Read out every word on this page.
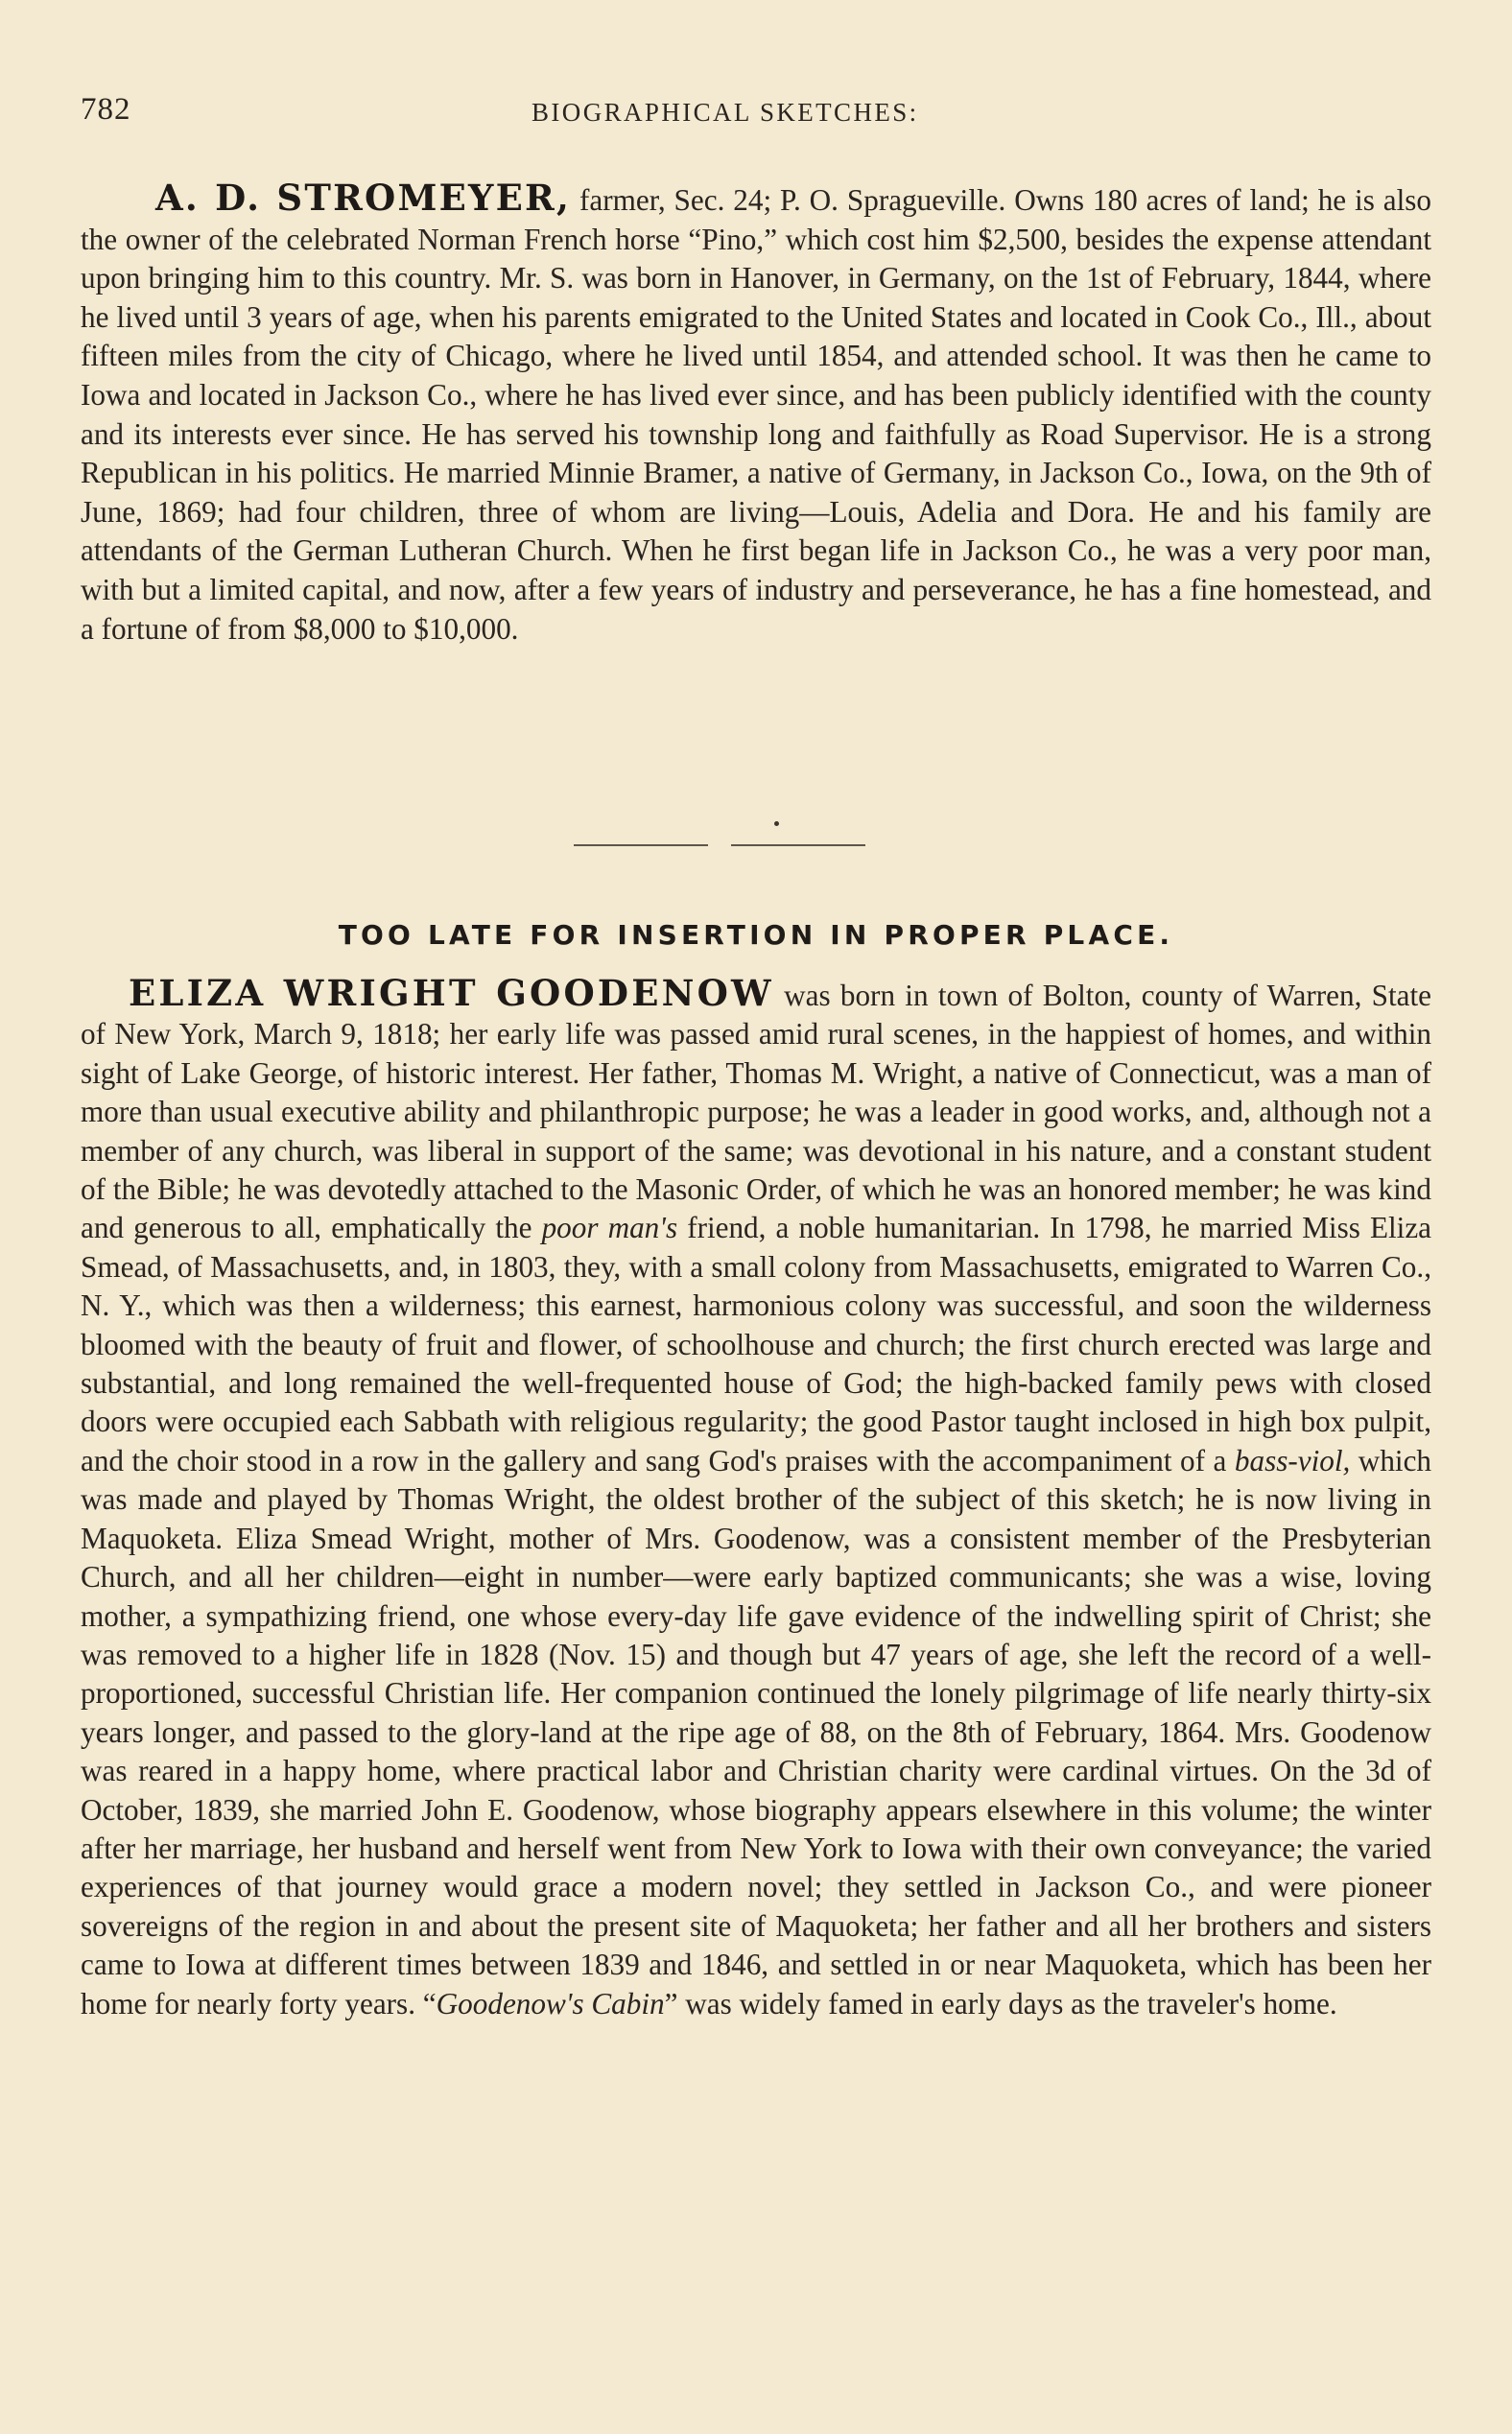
782	BIOGRAPHICAL SKETCHES:
A. D. STROMEYER, farmer, Sec. 24; P. O. Spragueville. Owns 180 acres of land; he is also the owner of the celebrated Norman French horse “Pino,” which cost him $2,500, besides the expense attendant upon bringing him to this country. Mr. S. was born in Hanover, in Germany, on the 1st of February, 1844, where he lived until 3 years of age, when his parents emigrated to the United States and located in Cook Co., Ill., about fifteen miles from the city of Chicago, where he lived until 1854, and attended school. It was then he came to Iowa and located in Jackson Co., where he has lived ever since, and has been publicly identified with the county and its interests ever since. He has served his township long and faithfully as Road Supervisor. He is a strong Republican in his politics. He married Minnie Bramer, a native of Germany, in Jackson Co., Iowa, on the 9th of June, 1869; had four children, three of whom are living—Louis, Adelia and Dora. He and his family are attendants of the German Lutheran Church. When he first began life in Jackson Co., he was a very poor man, with but a limited capital, and now, after a few years of industry and perseverance, he has a fine homestead, and a fortune of from $8,000 to $10,000.
TOO LATE FOR INSERTION IN PROPER PLACE.
ELIZA WRIGHT GOODENOW was born in town of Bolton, county of Warren, State of New York, March 9, 1818; her early life was passed amid rural scenes, in the happiest of homes, and within sight of Lake George, of historic interest. Her father, Thomas M. Wright, a native of Connecticut, was a man of more than usual executive ability and philanthropic purpose; he was a leader in good works, and, although not a member of any church, was liberal in support of the same; was devotional in his nature, and a constant student of the Bible; he was devotedly attached to the Masonic Order, of which he was an honored member; he was kind and generous to all, emphatically the poor man's friend, a noble humanitarian. In 1798, he married Miss Eliza Smead, of Massachusetts, and, in 1803, they, with a small colony from Massachusetts, emigrated to Warren Co., N. Y., which was then a wilderness; this earnest, harmonious colony was successful, and soon the wilderness bloomed with the beauty of fruit and flower, of schoolhouse and church; the first church erected was large and substantial, and long remained the well-frequented house of God; the high-backed family pews with closed doors were occupied each Sabbath with religious regularity; the good Pastor taught inclosed in high box pulpit, and the choir stood in a row in the gallery and sang God's praises with the accompaniment of a bass-viol, which was made and played by Thomas Wright, the oldest brother of the subject of this sketch; he is now living in Maquoketa. Eliza Smead Wright, mother of Mrs. Goodenow, was a consistent member of the Presbyterian Church, and all her children—eight in number—were early baptized communicants; she was a wise, loving mother, a sympathizing friend, one whose every-day life gave evidence of the indwelling spirit of Christ; she was removed to a higher life in 1828 (Nov. 15) and though but 47 years of age, she left the record of a well-proportioned, successful Christian life. Her companion continued the lonely pilgrimage of life nearly thirty-six years longer, and passed to the glory-land at the ripe age of 88, on the 8th of February, 1864. Mrs. Goodenow was reared in a happy home, where practical labor and Christian charity were cardinal virtues. On the 3d of October, 1839, she married John E. Goodenow, whose biography appears elsewhere in this volume; the winter after her marriage, her husband and herself went from New York to Iowa with their own conveyance; the varied experiences of that journey would grace a modern novel; they settled in Jackson Co., and were pioneer sovereigns of the region in and about the present site of Maquoketa; her father and all her brothers and sisters came to Iowa at different times between 1839 and 1846, and settled in or near Maquoketa, which has been her home for nearly forty years. “Goodenow's Cabin” was widely famed in early days as the traveler's home.
